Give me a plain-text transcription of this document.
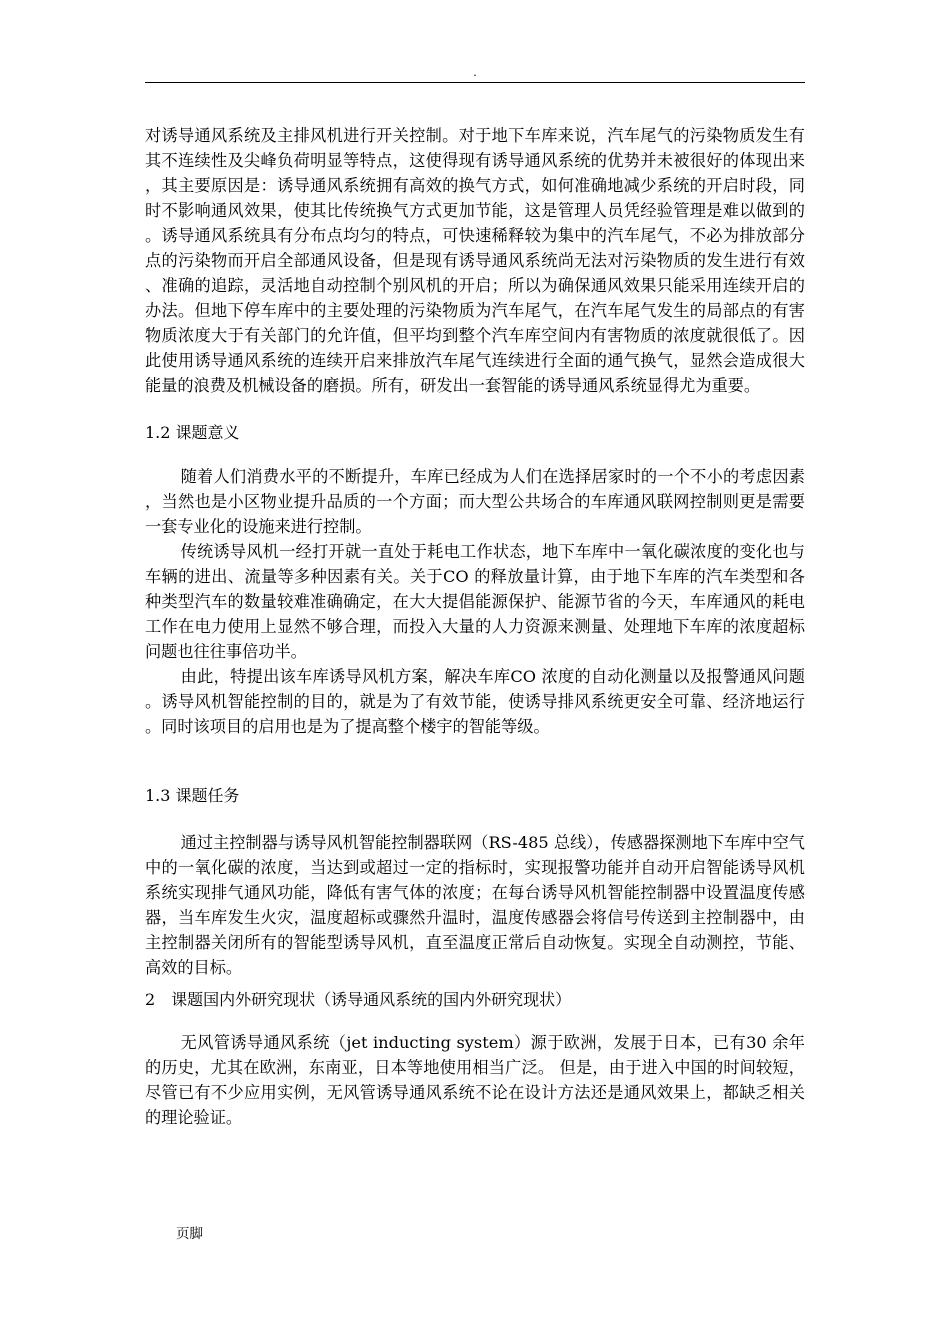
.

对诱导通风系统及主排风机进行开关控制。对于地下车库来说，汽车尾气的污染物质发生有其不连续性及尖峰负荷明显等特点，这使得现有诱导通风系统的优势并未被很好的体现出来，其主要原因是：诱导通风系统拥有高效的换气方式，如何准确地减少系统的开启时段，同时不影响通风效果，使其比传统换气方式更加节能，这是管理人员凭经验管理是难以做到的。诱导通风系统具有分布点均匀的特点，可快速稀释较为集中的汽车尾气，不必为排放部分点的污染物而开启全部通风设备，但是现有诱导通风系统尚无法对污染物质的发生进行有效、准确的追踪，灵活地自动控制个别风机的开启；所以为确保通风效果只能采用连续开启的办法。但地下停车库中的主要处理的污染物质为汽车尾气，在汽车尾气发生的局部点的有害物质浓度大于有关部门的允许值，但平均到整个汽车库空间内有害物质的浓度就很低了。因此使用诱导通风系统的连续开启来排放汽车尾气连续进行全面的通气换气，显然会造成很大能量的浪费及机械设备的磨损。所有，研发出一套智能的诱导通风系统显得尤为重要。

1.2 课题意义

随着人们消费水平的不断提升，车库已经成为人们在选择居家时的一个不小的考虑因素，当然也是小区物业提升品质的一个方面；而大型公共场合的车库通风联网控制则更是需要一套专业化的设施来进行控制。

传统诱导风机一经打开就一直处于耗电工作状态，地下车库中一氧化碳浓度的变化也与车辆的进出、流量等多种因素有关。关于CO 的释放量计算，由于地下车库的汽车类型和各种类型汽车的数量较难准确确定，在大大提倡能源保护、能源节省的今天，车库通风的耗电工作在电力使用上显然不够合理，而投入大量的人力资源来测量、处理地下车库的浓度超标问题也往往事倍功半。

由此，特提出该车库诱导风机方案，解决车库CO 浓度的自动化测量以及报警通风问题。诱导风机智能控制的目的，就是为了有效节能，使诱导排风系统更安全可靠、经济地运行。同时该项目的启用也是为了提高整个楼宇的智能等级。

1.3 课题任务

通过主控制器与诱导风机智能控制器联网（RS-485 总线），传感器探测地下车库中空气中的一氧化碳的浓度，当达到或超过一定的指标时，实现报警功能并自动开启智能诱导风机系统实现排气通风功能，降低有害气体的浓度；在每台诱导风机智能控制器中设置温度传感器，当车库发生火灾，温度超标或骤然升温时，温度传感器会将信号传送到主控制器中，由主控制器关闭所有的智能型诱导风机，直至温度正常后自动恢复。实现全自动测控，节能、高效的目标。

2　课题国内外研究现状（诱导通风系统的国内外研究现状）

无风管诱导通风系统（jet inducting system）源于欧洲，发展于日本，已有30 余年的历史，尤其在欧洲，东南亚，日本等地使用相当广泛。 但是，由于进入中国的时间较短，尽管已有不少应用实例，无风管诱导通风系统不论在设计方法还是通风效果上，都缺乏相关的理论验证。

页脚
